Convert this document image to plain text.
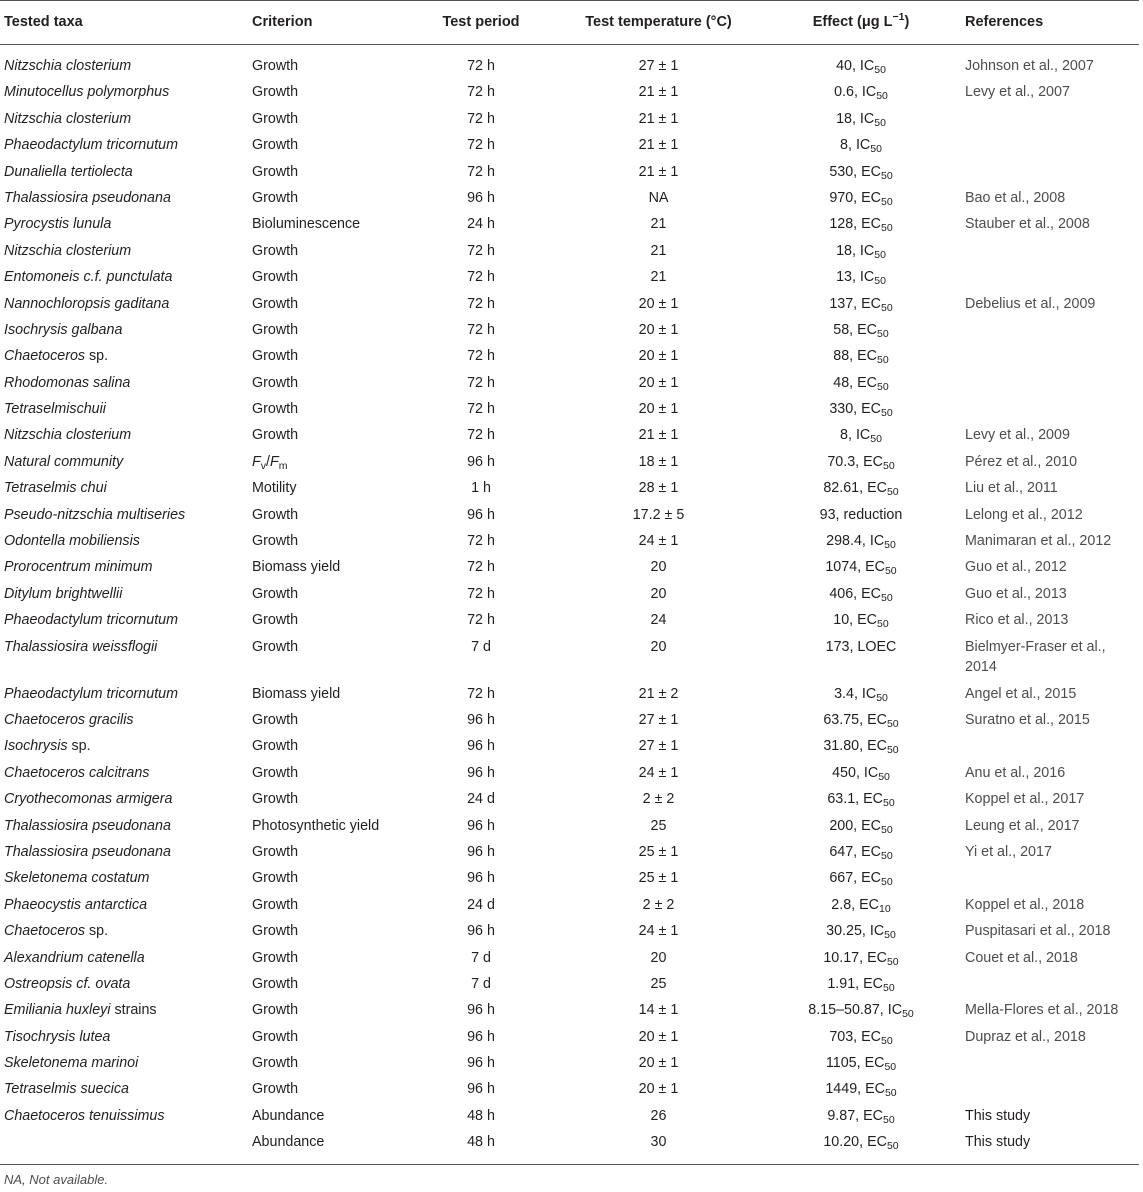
Tested taxa	Criterion	Test period	Test temperature (°C)	Effect (μg $L^{-1}$)	References
Nitzschia closterium	Growth	72 h	27 ± 1	40, $IC_{50}$	Johnson et al., 2007
Minutocellus polymorphus	Growth	72 h	21 ± 1	0.6, $IC_{50}$	Levy et al., 2007
Nitzschia closterium	Growth	72 h	21 ± 1	18, $IC_{50}$	
Phaeodactylum tricornutum	Growth	72 h	21 ± 1	8, $IC_{50}$	
Dunaliella tertiolecta	Growth	72 h	21 ± 1	530, $EC_{50}$	
Thalassiosira pseudonana	Growth	96 h	NA	970, $EC_{50}$	Bao et al., 2008
Pyrocystis lunula	Bioluminescence	24 h	21	128, $EC_{50}$	Stauber et al., 2008
Nitzschia closterium	Growth	72 h	21	18, $IC_{50}$	
Entomoneis c.f. punctulata	Growth	72 h	21	13, $IC_{50}$	
Nannochloropsis gaditana	Growth	72 h	20 ± 1	137, $EC_{50}$	Debelius et al., 2009
Isochrysis galbana	Growth	72 h	20 ± 1	58, $EC_{50}$	
Chaetoceros sp.	Growth	72 h	20 ± 1	88, $EC_{50}$	
Rhodomonas salina	Growth	72 h	20 ± 1	48, $EC_{50}$	
Tetraselmischuii	Growth	72 h	20 ± 1	330, $EC_{50}$	
Nitzschia closterium	Growth	72 h	21 ± 1	8, $IC_{50}$	Levy et al., 2009
Natural community	$F_v/F_m$	96 h	18 ± 1	70.3, $EC_{50}$	Pérez et al., 2010
Tetraselmis chui	Motility	1 h	28 ± 1	82.61, $EC_{50}$	Liu et al., 2011
Pseudo-nitzschia multiseries	Growth	96 h	17.2 ± 5	93, reduction	Lelong et al., 2012
Odontella mobiliensis	Growth	72 h	24 ± 1	298.4, $IC_{50}$	Manimaran et al., 2012
Prorocentrum minimum	Biomass yield	72 h	20	1074, $EC_{50}$	Guo et al., 2012
Ditylum brightwellii	Growth	72 h	20	406, $EC_{50}$	Guo et al., 2013
Phaeodactylum tricornutum	Growth	72 h	24	10, $EC_{50}$	Rico et al., 2013
Thalassiosira weissflogii	Growth	7 d	20	173, LOEC	Bielmyer-Fraser et al., 2014
Phaeodactylum tricornutum	Biomass yield	72 h	21 ± 2	3.4, $IC_{50}$	Angel et al., 2015
Chaetoceros gracilis	Growth	96 h	27 ± 1	63.75, $EC_{50}$	Suratno et al., 2015
Isochrysis sp.	Growth	96 h	27 ± 1	31.80, $EC_{50}$	
Chaetoceros calcitrans	Growth	96 h	24 ± 1	450, $IC_{50}$	Anu et al., 2016
Cryothecomonas armigera	Growth	24 d	2 ± 2	63.1, $EC_{50}$	Koppel et al., 2017
Thalassiosira pseudonana	Photosynthetic yield	96 h	25	200, $EC_{50}$	Leung et al., 2017
Thalassiosira pseudonana	Growth	96 h	25 ± 1	647, $EC_{50}$	Yi et al., 2017
Skeletonema costatum	Growth	96 h	25 ± 1	667, $EC_{50}$	
Phaeocystis antarctica	Growth	24 d	2 ± 2	2.8, $EC_{10}$	Koppel et al., 2018
Chaetoceros sp.	Growth	96 h	24 ± 1	30.25, $IC_{50}$	Puspitasari et al., 2018
Alexandrium catenella	Growth	7 d	20	10.17, $EC_{50}$	Couet et al., 2018
Ostreopsis cf. ovata	Growth	7 d	25	1.91, $EC_{50}$	
Emiliania huxleyi strains	Growth	96 h	14 ± 1	8.15–50.87, $IC_{50}$	Mella-Flores et al., 2018
Tisochrysis lutea	Growth	96 h	20 ± 1	703, $EC_{50}$	Dupraz et al., 2018
Skeletonema marinoi	Growth	96 h	20 ± 1	1105, $EC_{50}$	
Tetraselmis suecica	Growth	96 h	20 ± 1	1449, $EC_{50}$	
Chaetoceros tenuissimus	Abundance	48 h	26	9.87, $EC_{50}$	This study
	Abundance	48 h	30	10.20, $EC_{50}$	This study
NA, Not available.
